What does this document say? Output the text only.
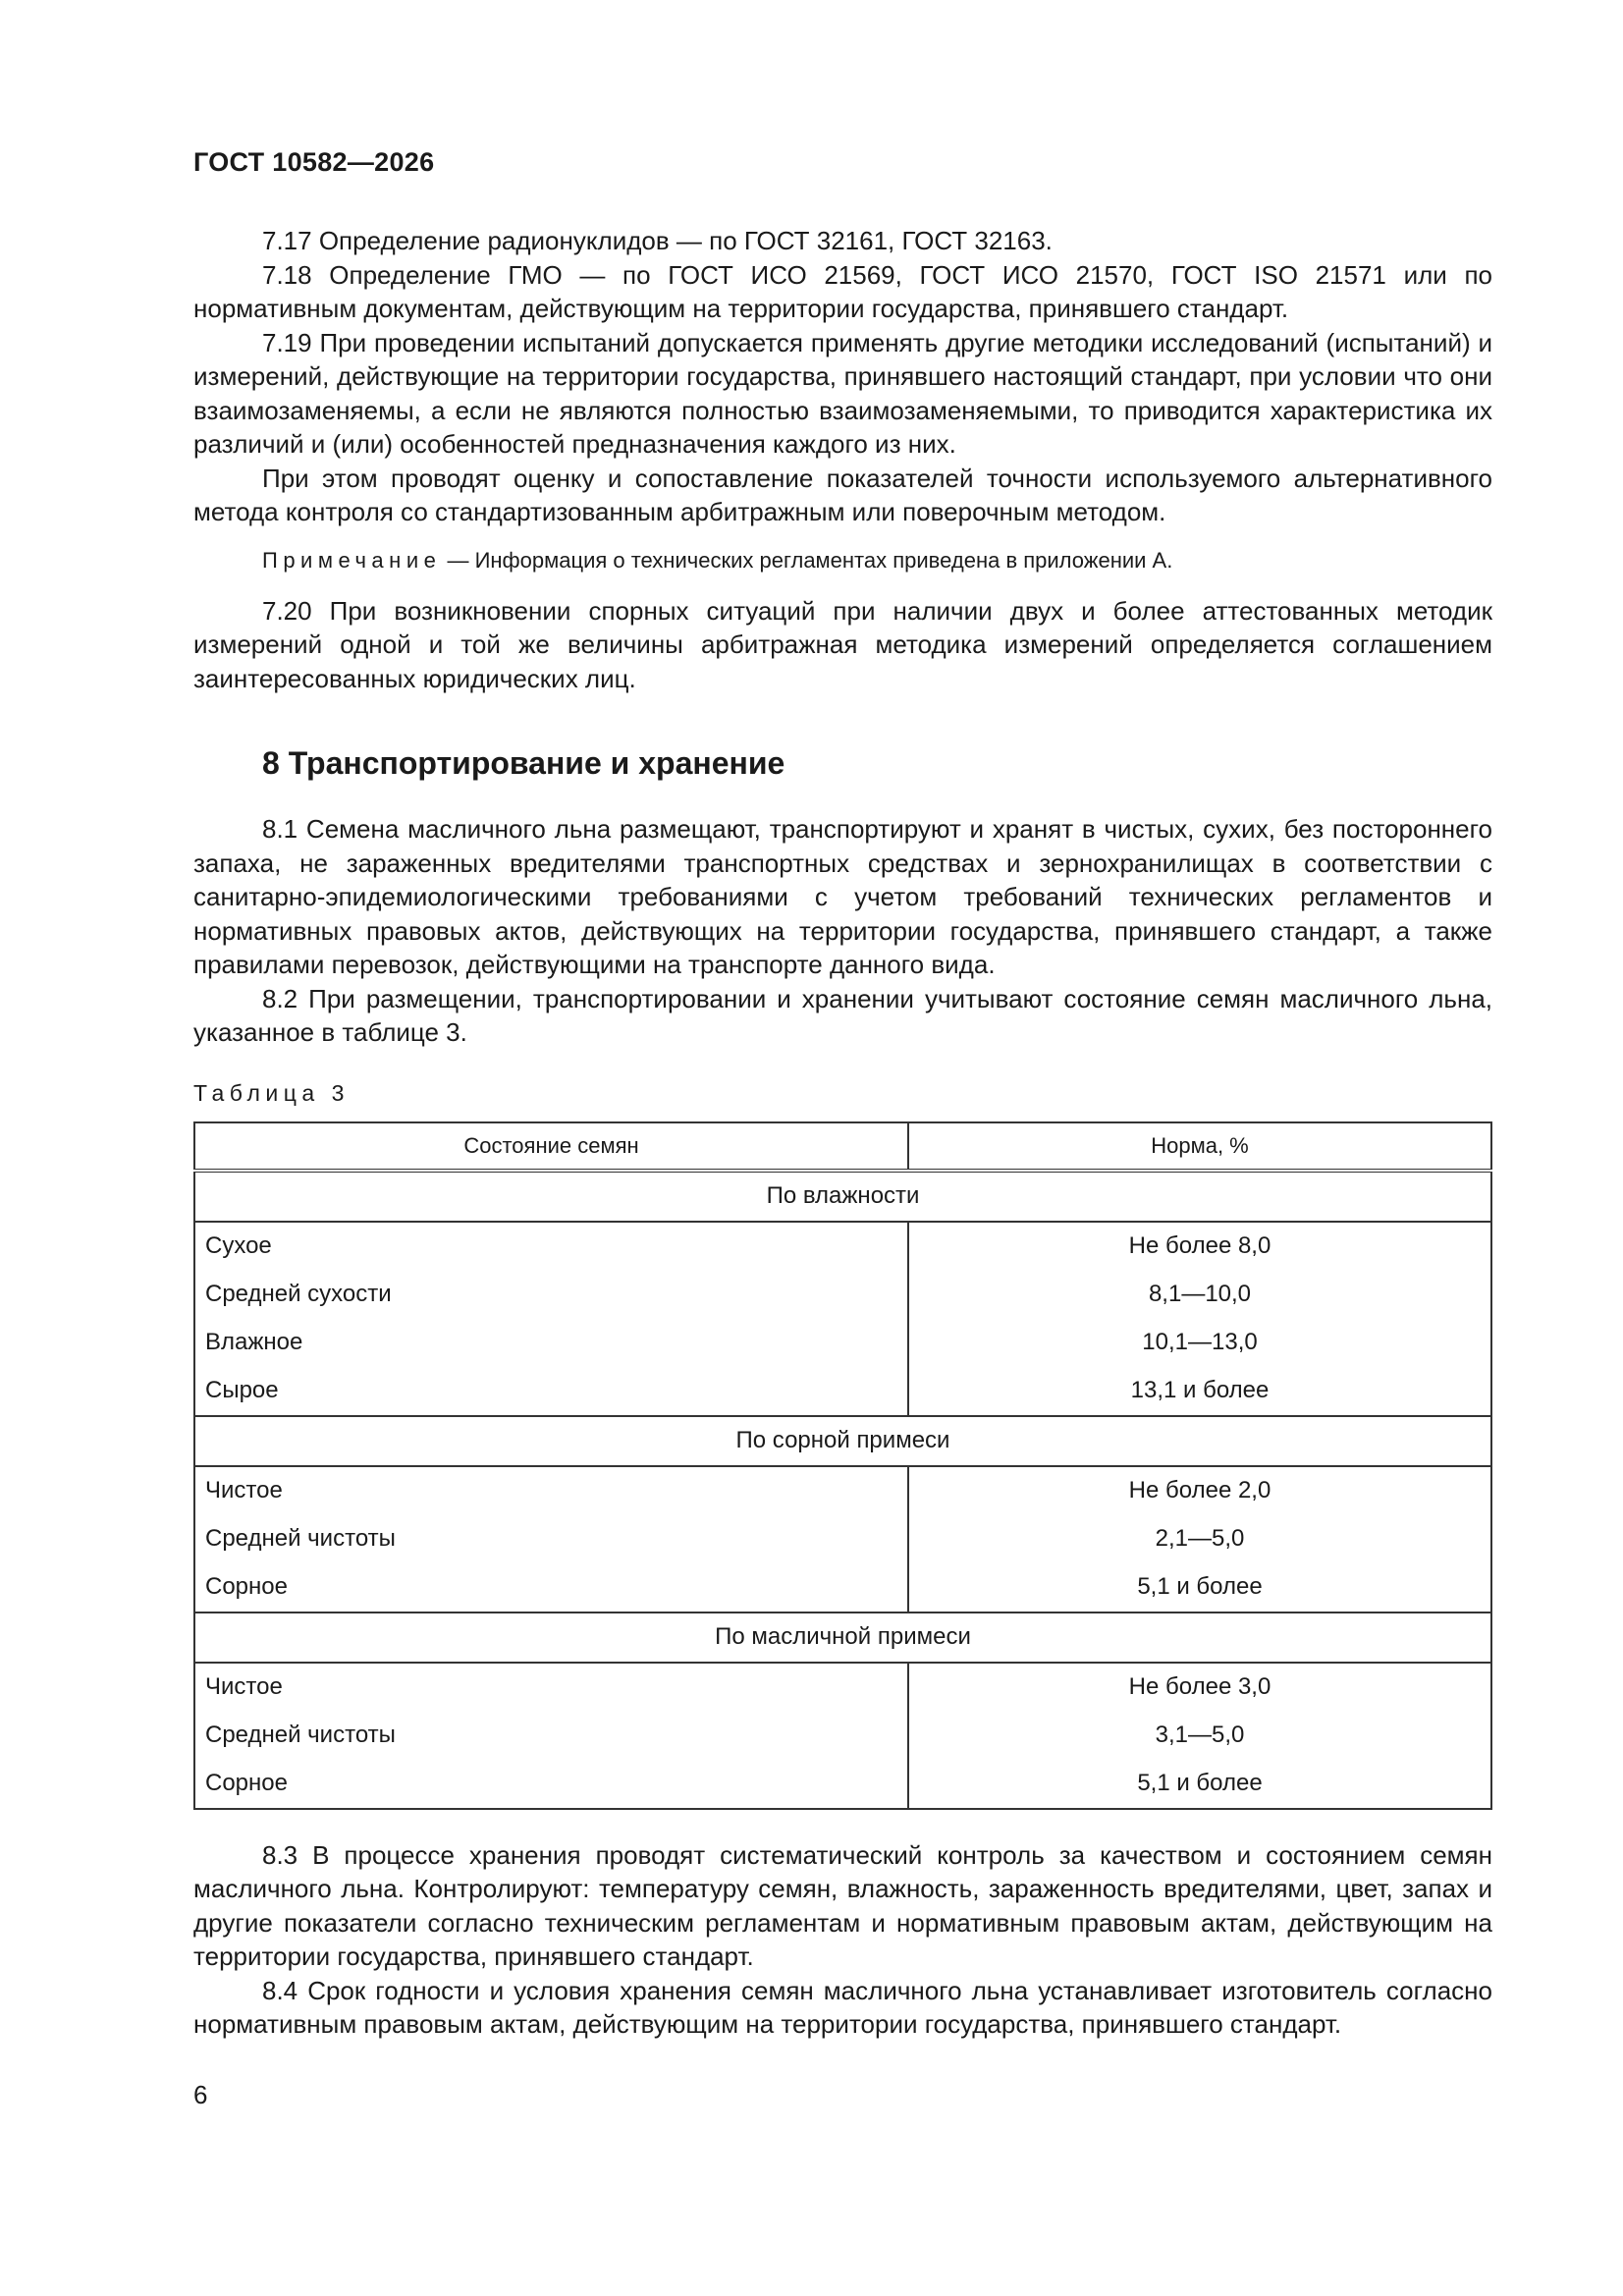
ГОСТ 10582—2026

7.17 Определение радионуклидов — по ГОСТ 32161, ГОСТ 32163.

7.18 Определение ГМО — по ГОСТ ИСО 21569, ГОСТ ИСО 21570, ГОСТ ISO 21571 или по нормативным документам, действующим на территории государства, принявшего стандарт.

7.19 При проведении испытаний допускается применять другие методики исследований (испытаний) и измерений, действующие на территории государства, принявшего настоящий стандарт, при условии что они взаимозаменяемы, а если не являются полностью взаимозаменяемыми, то приводится характеристика их различий и (или) особенностей предназначения каждого из них.

При этом проводят оценку и сопоставление показателей точности используемого альтернативного метода контроля со стандартизованным арбитражным или поверочным методом.

Примечание — Информация о технических регламентах приведена в приложении А.

7.20 При возникновении спорных ситуаций при наличии двух и более аттестованных методик измерений одной и той же величины арбитражная методика измерений определяется соглашением заинтересованных юридических лиц.

8 Транспортирование и хранение

8.1 Семена масличного льна размещают, транспортируют и хранят в чистых, сухих, без постороннего запаха, не зараженных вредителями транспортных средствах и зернохранилищах в соответствии с санитарно-эпидемиологическими требованиями с учетом требований технических регламентов и нормативных правовых актов, действующих на территории государства, принявшего стандарт, а также правилами перевозок, действующими на транспорте данного вида.

8.2 При размещении, транспортировании и хранении учитывают состояние семян масличного льна, указанное в таблице 3.

Таблица 3
Состояние семян	Норма, %
По влажности	
Сухое	Не более 8,0
Средней сухости	8,1—10,0
Влажное	10,1—13,0
Сырое	13,1 и более
По сорной примеси	
Чистое	Не более 2,0
Средней чистоты	2,1—5,0
Сорное	5,1 и более
По масличной примеси	
Чистое	Не более 3,0
Средней чистоты	3,1—5,0
Сорное	5,1 и более

8.3 В процессе хранения проводят систематический контроль за качеством и состоянием семян масличного льна. Контролируют: температуру семян, влажность, зараженность вредителями, цвет, запах и другие показатели согласно техническим регламентам и нормативным правовым актам, действующим на территории государства, принявшего стандарт.

8.4 Срок годности и условия хранения семян масличного льна устанавливает изготовитель согласно нормативным правовым актам, действующим на территории государства, принявшего стандарт.

6
